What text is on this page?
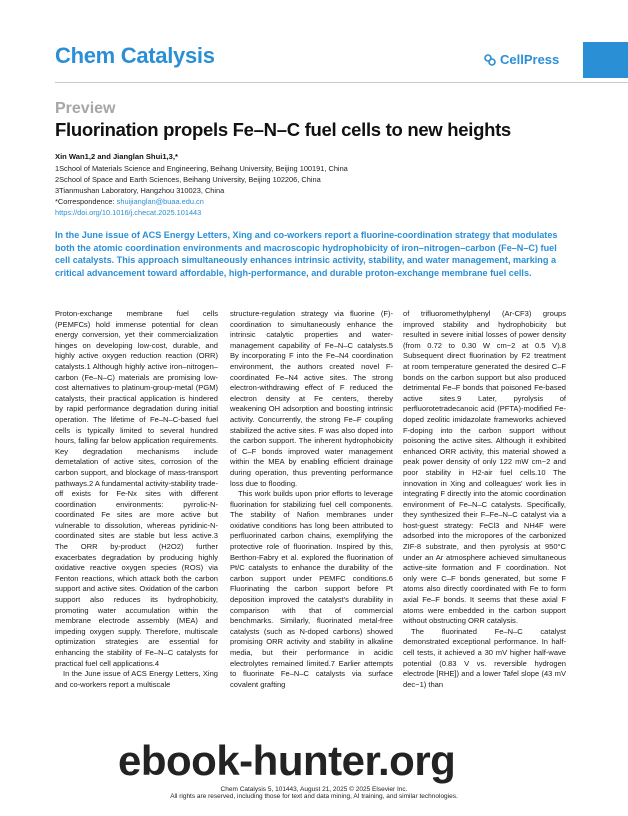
Chem Catalysis	CellPress
Preview
Fluorination propels Fe–N–C fuel cells to new heights
Xin Wan1,2 and Jianglan Shui1,3,*
1School of Materials Science and Engineering, Beihang University, Beijing 100191, China
2School of Space and Earth Sciences, Beihang University, Beijing 102206, China
3Tianmushan Laboratory, Hangzhou 310023, China
*Correspondence: shuijianglan@buaa.edu.cn
https://doi.org/10.1016/j.checat.2025.101443
In the June issue of ACS Energy Letters, Xing and co-workers report a fluorine-coordination strategy that modulates both the atomic coordination environments and macroscopic hydrophobicity of iron–nitrogen–carbon (Fe–N–C) fuel cell catalysts. This approach simultaneously enhances intrinsic activity, stability, and water management, marking a critical advancement toward affordable, high-performance, and durable proton-exchange membrane fuel cells.

Proton-exchange membrane fuel cells (PEMFCs) hold immense potential for clean energy conversion, yet their commercialization hinges on developing low-cost, durable, and highly active oxygen reduction reaction (ORR) catalysts.1 Although highly active iron–nitrogen–carbon (Fe–N–C) materials are promising low-cost alternatives to platinum-group-metal (PGM) catalysts, their practical application is hindered by rapid performance degradation during initial operation. The lifetime of Fe–N–C-based fuel cells is typically limited to several hundred hours, falling far below application requirements. Key degradation mechanisms include demetalation of active sites, corrosion of the carbon support, and blockage of mass-transport pathways.2 A fundamental activity-stability trade-off exists for Fe-Nx sites with different coordination environments: pyrrolic-N-coordinated Fe sites are more active but vulnerable to dissolution, whereas pyridinic-N-coordinated sites are stable but less active.3 The ORR by-product (H2O2) further exacerbates degradation by producing highly oxidative reactive oxygen species (ROS) via Fenton reactions, which attack both the carbon support and active sites. Oxidation of the carbon support also reduces its hydrophobicity, promoting water accumulation within the membrane electrode assembly (MEA) and impeding oxygen supply. Therefore, multiscale optimization strategies are essential for enhancing the stability of Fe–N–C catalysts for practical fuel cell applications.4

In the June issue of ACS Energy Letters, Xing and co-workers report a multiscale

structure-regulation strategy via fluorine (F)-coordination to simultaneously enhance the intrinsic catalytic properties and water-management capability of Fe–N–C catalysts.5 By incorporating F into the Fe–N4 coordination environment, the authors created novel F-coordinated Fe–N4 active sites. The strong electron-withdrawing effect of F reduced the electron density at Fe centers, thereby weakening OH adsorption and boosting intrinsic activity. Concurrently, the strong Fe–F coupling stabilized the active sites. F was also doped into the carbon support. The inherent hydrophobicity of C–F bonds improved water management within the MEA by enabling efficient drainage during operation, thus preventing performance loss due to flooding.

This work builds upon prior efforts to leverage fluorination for stabilizing fuel cell components. The stability of Nafion membranes under oxidative conditions has long been attributed to perfluorinated carbon chains, exemplifying the protective role of fluorination. Inspired by this, Berthon-Fabry et al. explored the fluorination of Pt/C catalysts to enhance the durability of the carbon support under PEMFC conditions.6 Fluorinating the carbon support before Pt deposition improved the catalyst's durability in comparison with that of commercial benchmarks. Similarly, fluorinated metal-free catalysts (such as N-doped carbons) showed promising ORR activity and stability in alkaline media, but their performance in acidic electrolytes remained limited.7 Earlier attempts to fluorinate Fe–N–C catalysts via surface covalent grafting

of trifluoromethylphenyl (Ar-CF3) groups improved stability and hydrophobicity but resulted in severe initial losses of power density (from 0.72 to 0.30 W cm−2 at 0.5 V).8 Subsequent direct fluorination by F2 treatment at room temperature generated the desired C–F bonds on the carbon support but also produced detrimental Fe–F bonds that poisoned Fe-based active sites.9 Later, pyrolysis of perfluorotetradecanoic acid (PFTA)-modified Fe-doped zeolitic imidazolate frameworks achieved F-doping into the carbon support without poisoning the active sites. Although it exhibited enhanced ORR activity, this material showed a peak power density of only 122 mW cm−2 and poor stability in H2-air fuel cells.10 The innovation in Xing and colleagues' work lies in integrating F directly into the atomic coordination environment of Fe–N–C catalysts. Specifically, they synthesized their F–Fe–N–C catalyst via a host-guest strategy: FeCl3 and NH4F were adsorbed into the micropores of the carbonized ZIF-8 substrate, and then pyrolysis at 950°C under an Ar atmosphere achieved simultaneous active-site formation and F coordination. Not only were C–F bonds generated, but some F atoms also directly coordinated with Fe to form axial Fe–F bonds. It seems that these axial F atoms were embedded in the carbon support without obstructing ORR catalysis.

The fluorinated Fe–N–C catalyst demonstrated exceptional performance. In half-cell tests, it achieved a 30 mV higher half-wave potential (0.83 V vs. reversible hydrogen electrode [RHE]) and a lower Tafel slope (43 mV dec−1) than

ebook-hunter.org
Chem Catalysis 5, 101443, August 21, 2025 © 2025 Elsevier Inc.
All rights are reserved, including those for text and data mining, AI training, and similar technologies.
